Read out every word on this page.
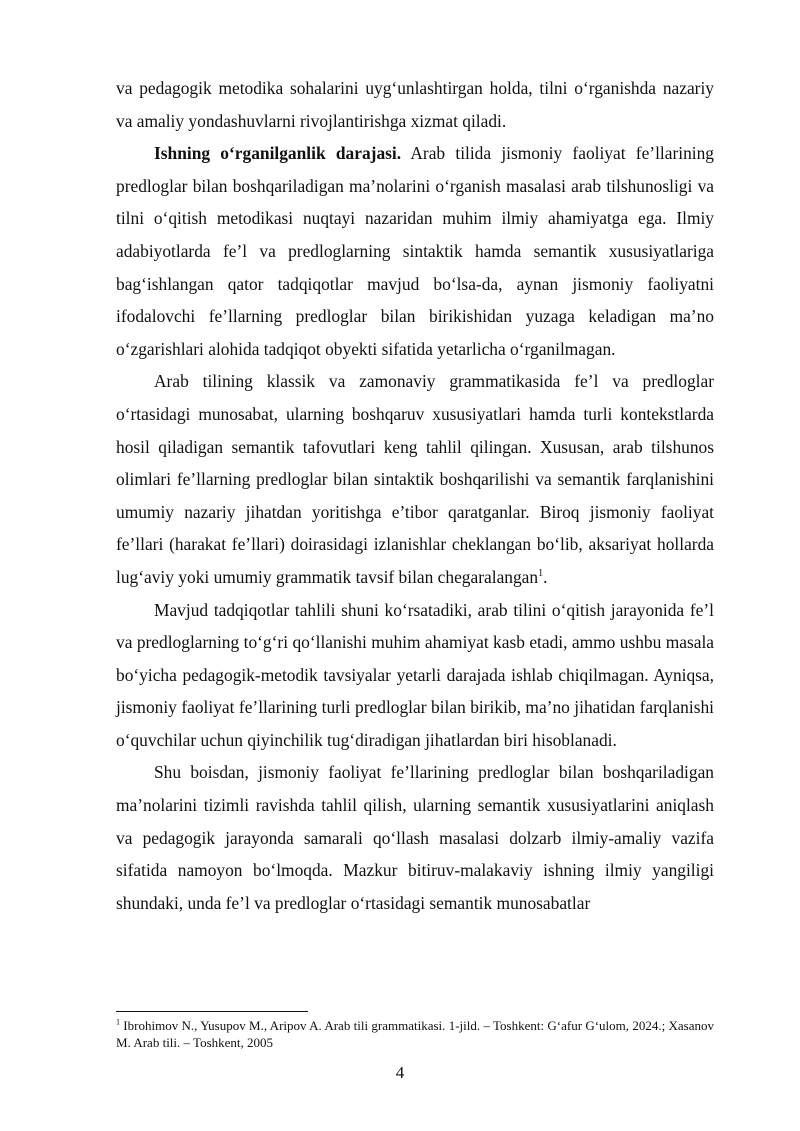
va pedagogik metodika sohalarini uyg‘unlashtirgan holda, tilni o‘rganishda nazariy va amaliy yondashuvlarni rivojlantirishga xizmat qiladi.

Ishning o‘rganilganlik darajasi. Arab tilida jismoniy faoliyat fe’llarining predloglar bilan boshqariladigan ma’nolarini o‘rganish masalasi arab tilshunosligi va tilni o‘qitish metodikasi nuqtayi nazaridan muhim ilmiy ahamiyatga ega. Ilmiy adabiyotlarda fe’l va predloglarning sintaktik hamda semantik xususiyatlariga bag‘ishlangan qator tadqiqotlar mavjud bo‘lsa-da, aynan jismoniy faoliyatni ifodalovchi fe’llarning predloglar bilan birikishidan yuzaga keladigan ma’no o‘zgarishlari alohida tadqiqot obyekti sifatida yetarlicha o‘rganilmagan.

Arab tilining klassik va zamonaviy grammatikasida fe’l va predloglar o‘rtasidagi munosabat, ularning boshqaruv xususiyatlari hamda turli kontekstlarda hosil qiladigan semantik tafovutlari keng tahlil qilingan. Xususan, arab tilshunos olimlari fe’llarning predloglar bilan sintaktik boshqarilishi va semantik farqlanishini umumiy nazariy jihatdan yoritishga e’tibor qaratganlar. Biroq jismoniy faoliyat fe’llari (harakat fe’llari) doirasidagi izlanishlar cheklangan bo‘lib, aksariyat hollarda lug‘aviy yoki umumiy grammatik tavsif bilan chegaralangan$^1$.

Mavjud tadqiqotlar tahlili shuni ko‘rsatadiki, arab tilini o‘qitish jarayonida fe’l va predloglarning to‘g‘ri qo‘llanishi muhim ahamiyat kasb etadi, ammo ushbu masala bo‘yicha pedagogik-metodik tavsiyalar yetarli darajada ishlab chiqilmagan. Ayniqsa, jismoniy faoliyat fe’llarining turli predloglar bilan birikib, ma’no jihatidan farqlanishi o‘quvchilar uchun qiyinchilik tug‘diradigan jihatlardan biri hisoblanadi.

Shu boisdan, jismoniy faoliyat fe’llarining predloglar bilan boshqariladigan ma’nolarini tizimli ravishda tahlil qilish, ularning semantik xususiyatlarini aniqlash va pedagogik jarayonda samarali qo‘llash masalasi dolzarb ilmiy-amaliy vazifa sifatida namoyon bo‘lmoqda. Mazkur bitiruv-malakaviy ishning ilmiy yangiligi shundaki, unda fe’l va predloglar o‘rtasidagi semantik munosabatlar

$^1$ Ibrohimov N., Yusupov M., Aripov A. Arab tili grammatikasi. 1-jild. – Toshkent: G‘afur G‘ulom, 2024.; Xasanov M. Arab tili. – Toshkent, 2005
4
